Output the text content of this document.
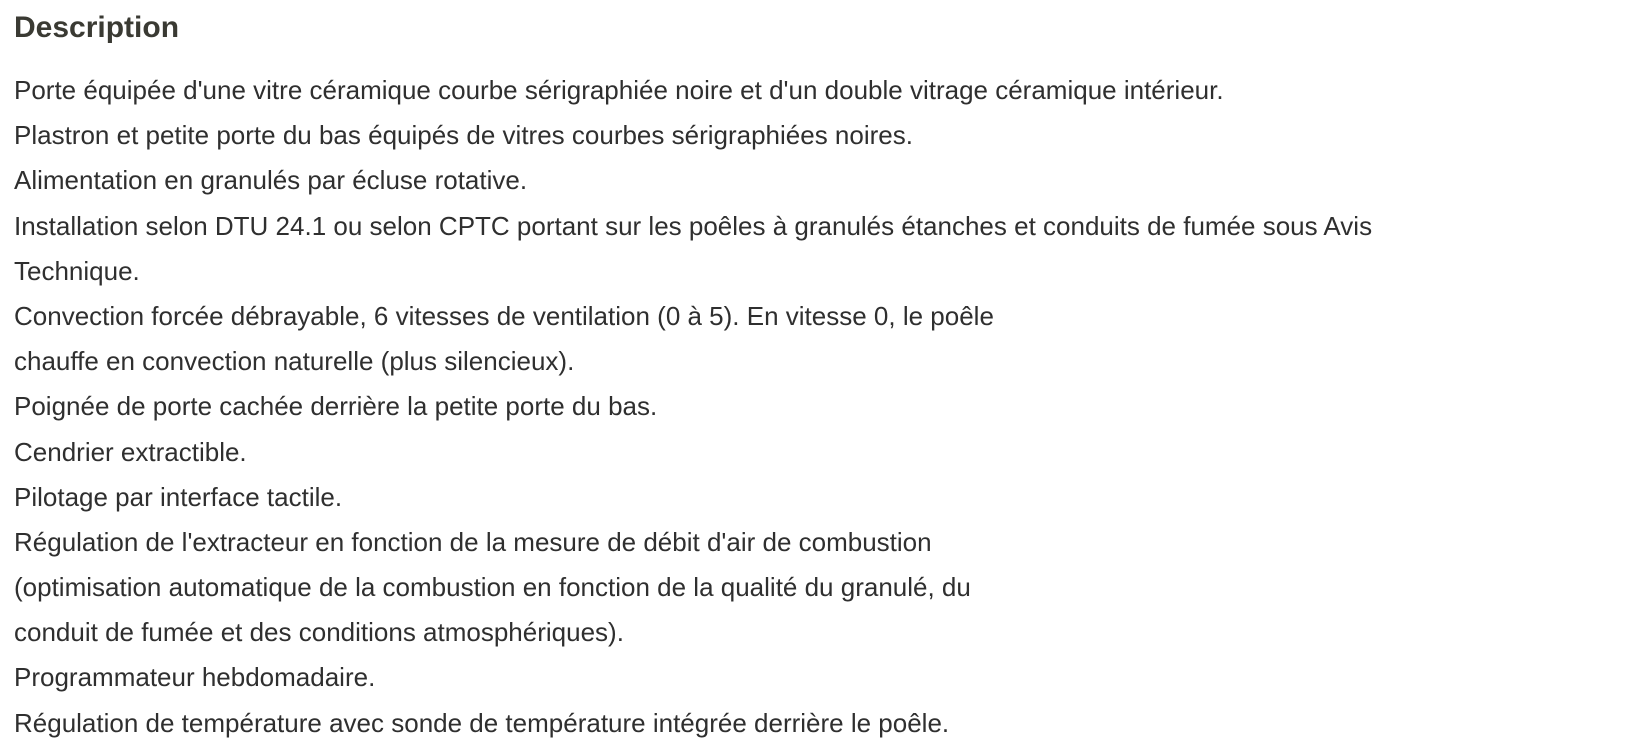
Description
Porte équipée d'une vitre céramique courbe sérigraphiée noire et d'un double vitrage céramique intérieur.
Plastron et petite porte du bas équipés de vitres courbes sérigraphiées noires.
Alimentation en granulés par écluse rotative.
Installation selon DTU 24.1 ou selon CPTC portant sur les poêles à granulés étanches et conduits de fumée sous Avis
Technique.
Convection forcée débrayable, 6 vitesses de ventilation (0 à 5). En vitesse 0, le poêle
chauffe en convection naturelle (plus silencieux).
Poignée de porte cachée derrière la petite porte du bas.
Cendrier extractible.
Pilotage par interface tactile.
Régulation de l'extracteur en fonction de la mesure de débit d'air de combustion
(optimisation automatique de la combustion en fonction de la qualité du granulé, du
conduit de fumée et des conditions atmosphériques).
Programmateur hebdomadaire.
Régulation de température avec sonde de température intégrée derrière le poêle.
